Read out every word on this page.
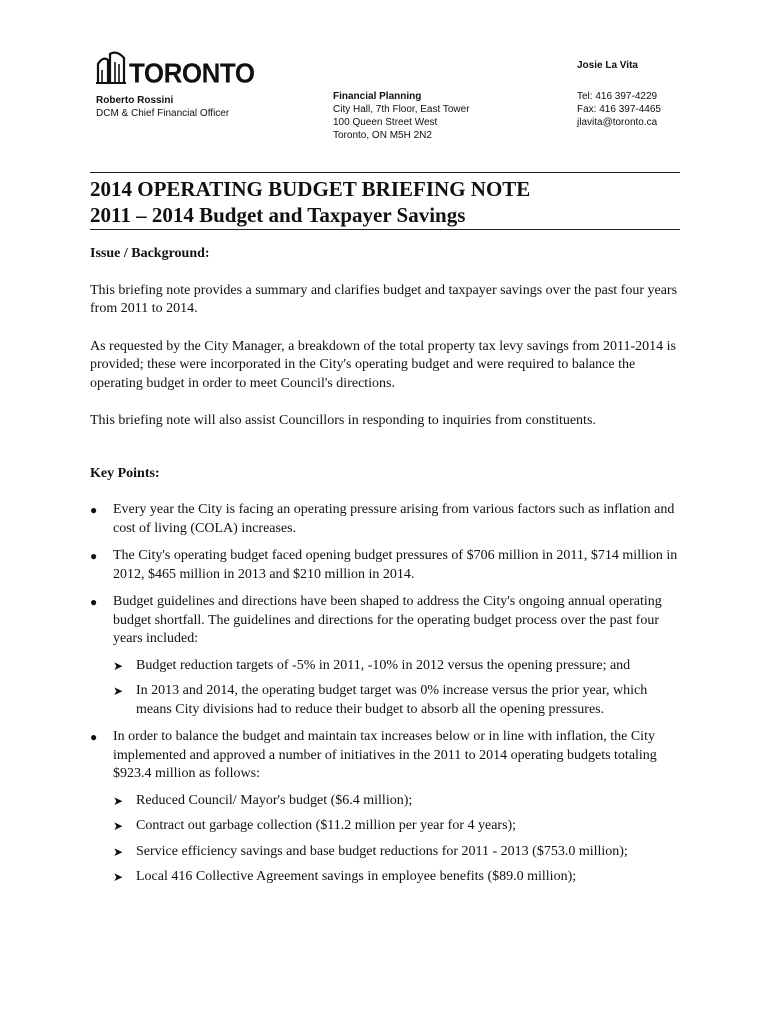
TORONTO	Josie La Vita
Roberto Rossini
DCM & Chief Financial Officer
Financial Planning
City Hall, 7th Floor, East Tower
100 Queen Street West
Toronto, ON M5H 2N2
Tel: 416 397-4229
Fax: 416 397-4465
jlavita@toronto.ca
2014 OPERATING BUDGET BRIEFING NOTE
2011 – 2014 Budget and Taxpayer Savings

Issue / Background:

This briefing note provides a summary and clarifies budget and taxpayer savings over the past four years from 2011 to 2014.

As requested by the City Manager, a breakdown of the total property tax levy savings from 2011-2014 is provided; these were incorporated in the City's operating budget and were required to balance the operating budget in order to meet Council's directions.

This briefing note will also assist Councillors in responding to inquiries from constituents.

Key Points:

● Every year the City is facing an operating pressure arising from various factors such as inflation and cost of living (COLA) increases.
● The City's operating budget faced opening budget pressures of $706 million in 2011, $714 million in 2012, $465 million in 2013 and $210 million in 2014.
● Budget guidelines and directions have been shaped to address the City's ongoing annual operating budget shortfall. The guidelines and directions for the operating budget process over the past four years included:
➤ Budget reduction targets of -5% in 2011, -10% in 2012 versus the opening pressure; and
➤ In 2013 and 2014, the operating budget target was 0% increase versus the prior year, which means City divisions had to reduce their budget to absorb all the opening pressures.
● In order to balance the budget and maintain tax increases below or in line with inflation, the City implemented and approved a number of initiatives in the 2011 to 2014 operating budgets totaling $923.4 million as follows:
➤ Reduced Council/ Mayor's budget ($6.4 million);
➤ Contract out garbage collection ($11.2 million per year for 4 years);
➤ Service efficiency savings and base budget reductions for 2011 - 2013 ($753.0 million);
➤ Local 416 Collective Agreement savings in employee benefits ($89.0 million);
